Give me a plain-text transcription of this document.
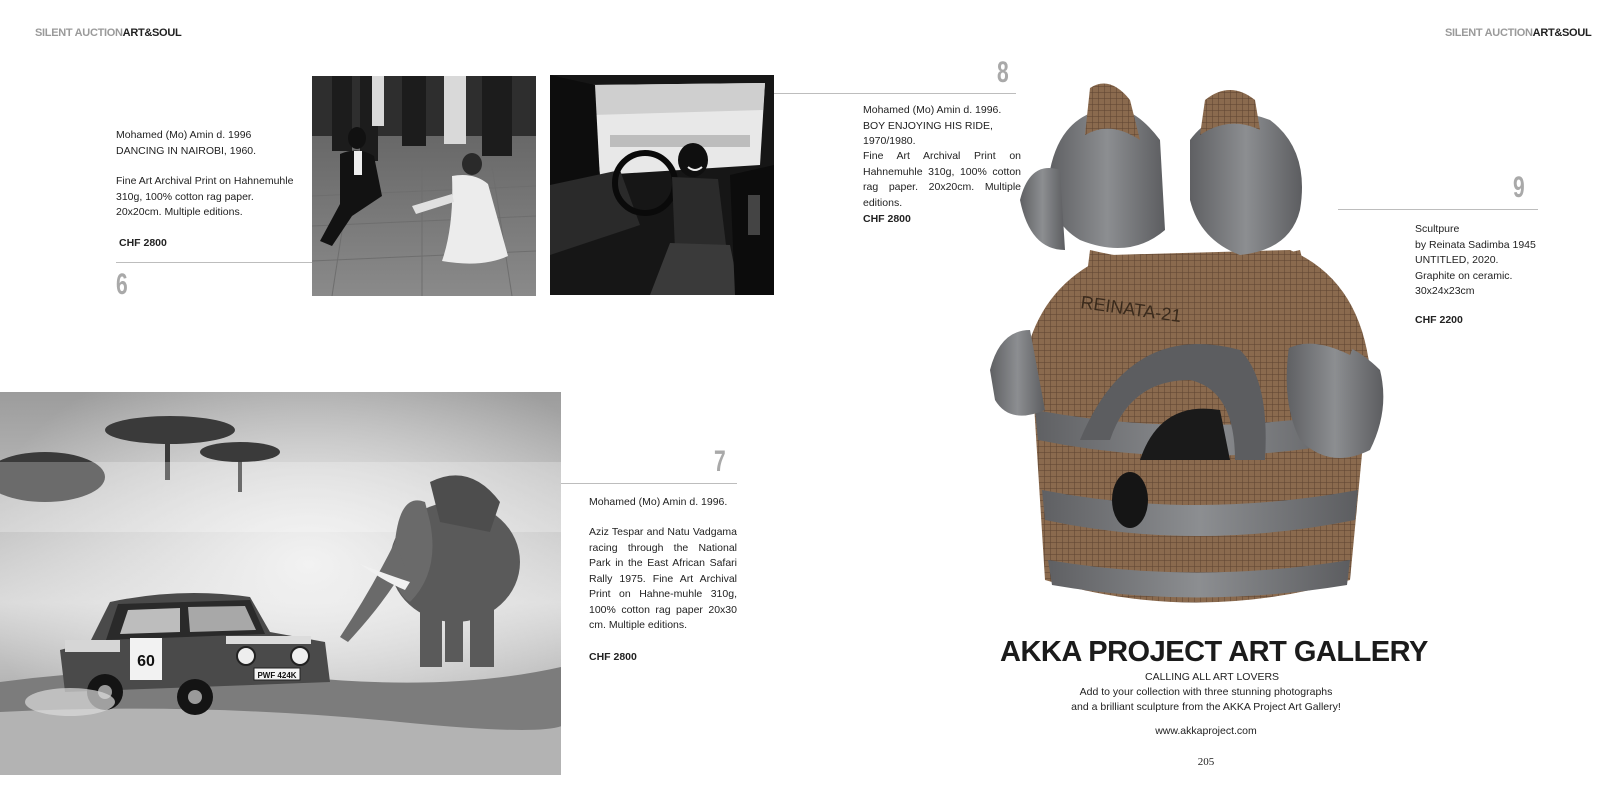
SILENT AUCTIONART&SOUL	SILENT AUCTIONART&SOUL

Mohamed (Mo) Amin d. 1996

DANCING IN NAIROBI, 1960.

Fine Art Archival Print on Hahnemuhle 310g, 100% cotton rag paper. 20x20cm. Multiple editions.

CHF 2800

6
8

Mohamed (Mo) Amin d. 1996.

BOY ENJOYING HIS RIDE, 1970/1980.

Fine Art Archival Print on Hahnemuhle 310g, 100% cotton rag paper. 20x20cm. Multiple editions.

CHF 2800

60
PWF 424K
7

Mohamed (Mo) Amin d. 1996.

Aziz Tespar and Natu Vadgama racing through the National Park in the East African Safari Rally 1975. Fine Art Archival Print on Hahne-muhle 310g, 100% cotton rag paper 20x30 cm. Multiple editions.

CHF 2800

REINATA-21
9

Scultpure

by Reinata Sadimba 1945

UNTITLED, 2020.

Graphite on ceramic.

30x24x23cm

CHF 2200

AKKA PROJECT ART GALLERY
CALLING ALL ART LOVERS
Add to your collection with three stunning photographs
and a brilliant sculpture from the AKKA Project Art Gallery!
www.akkaproject.com
205
